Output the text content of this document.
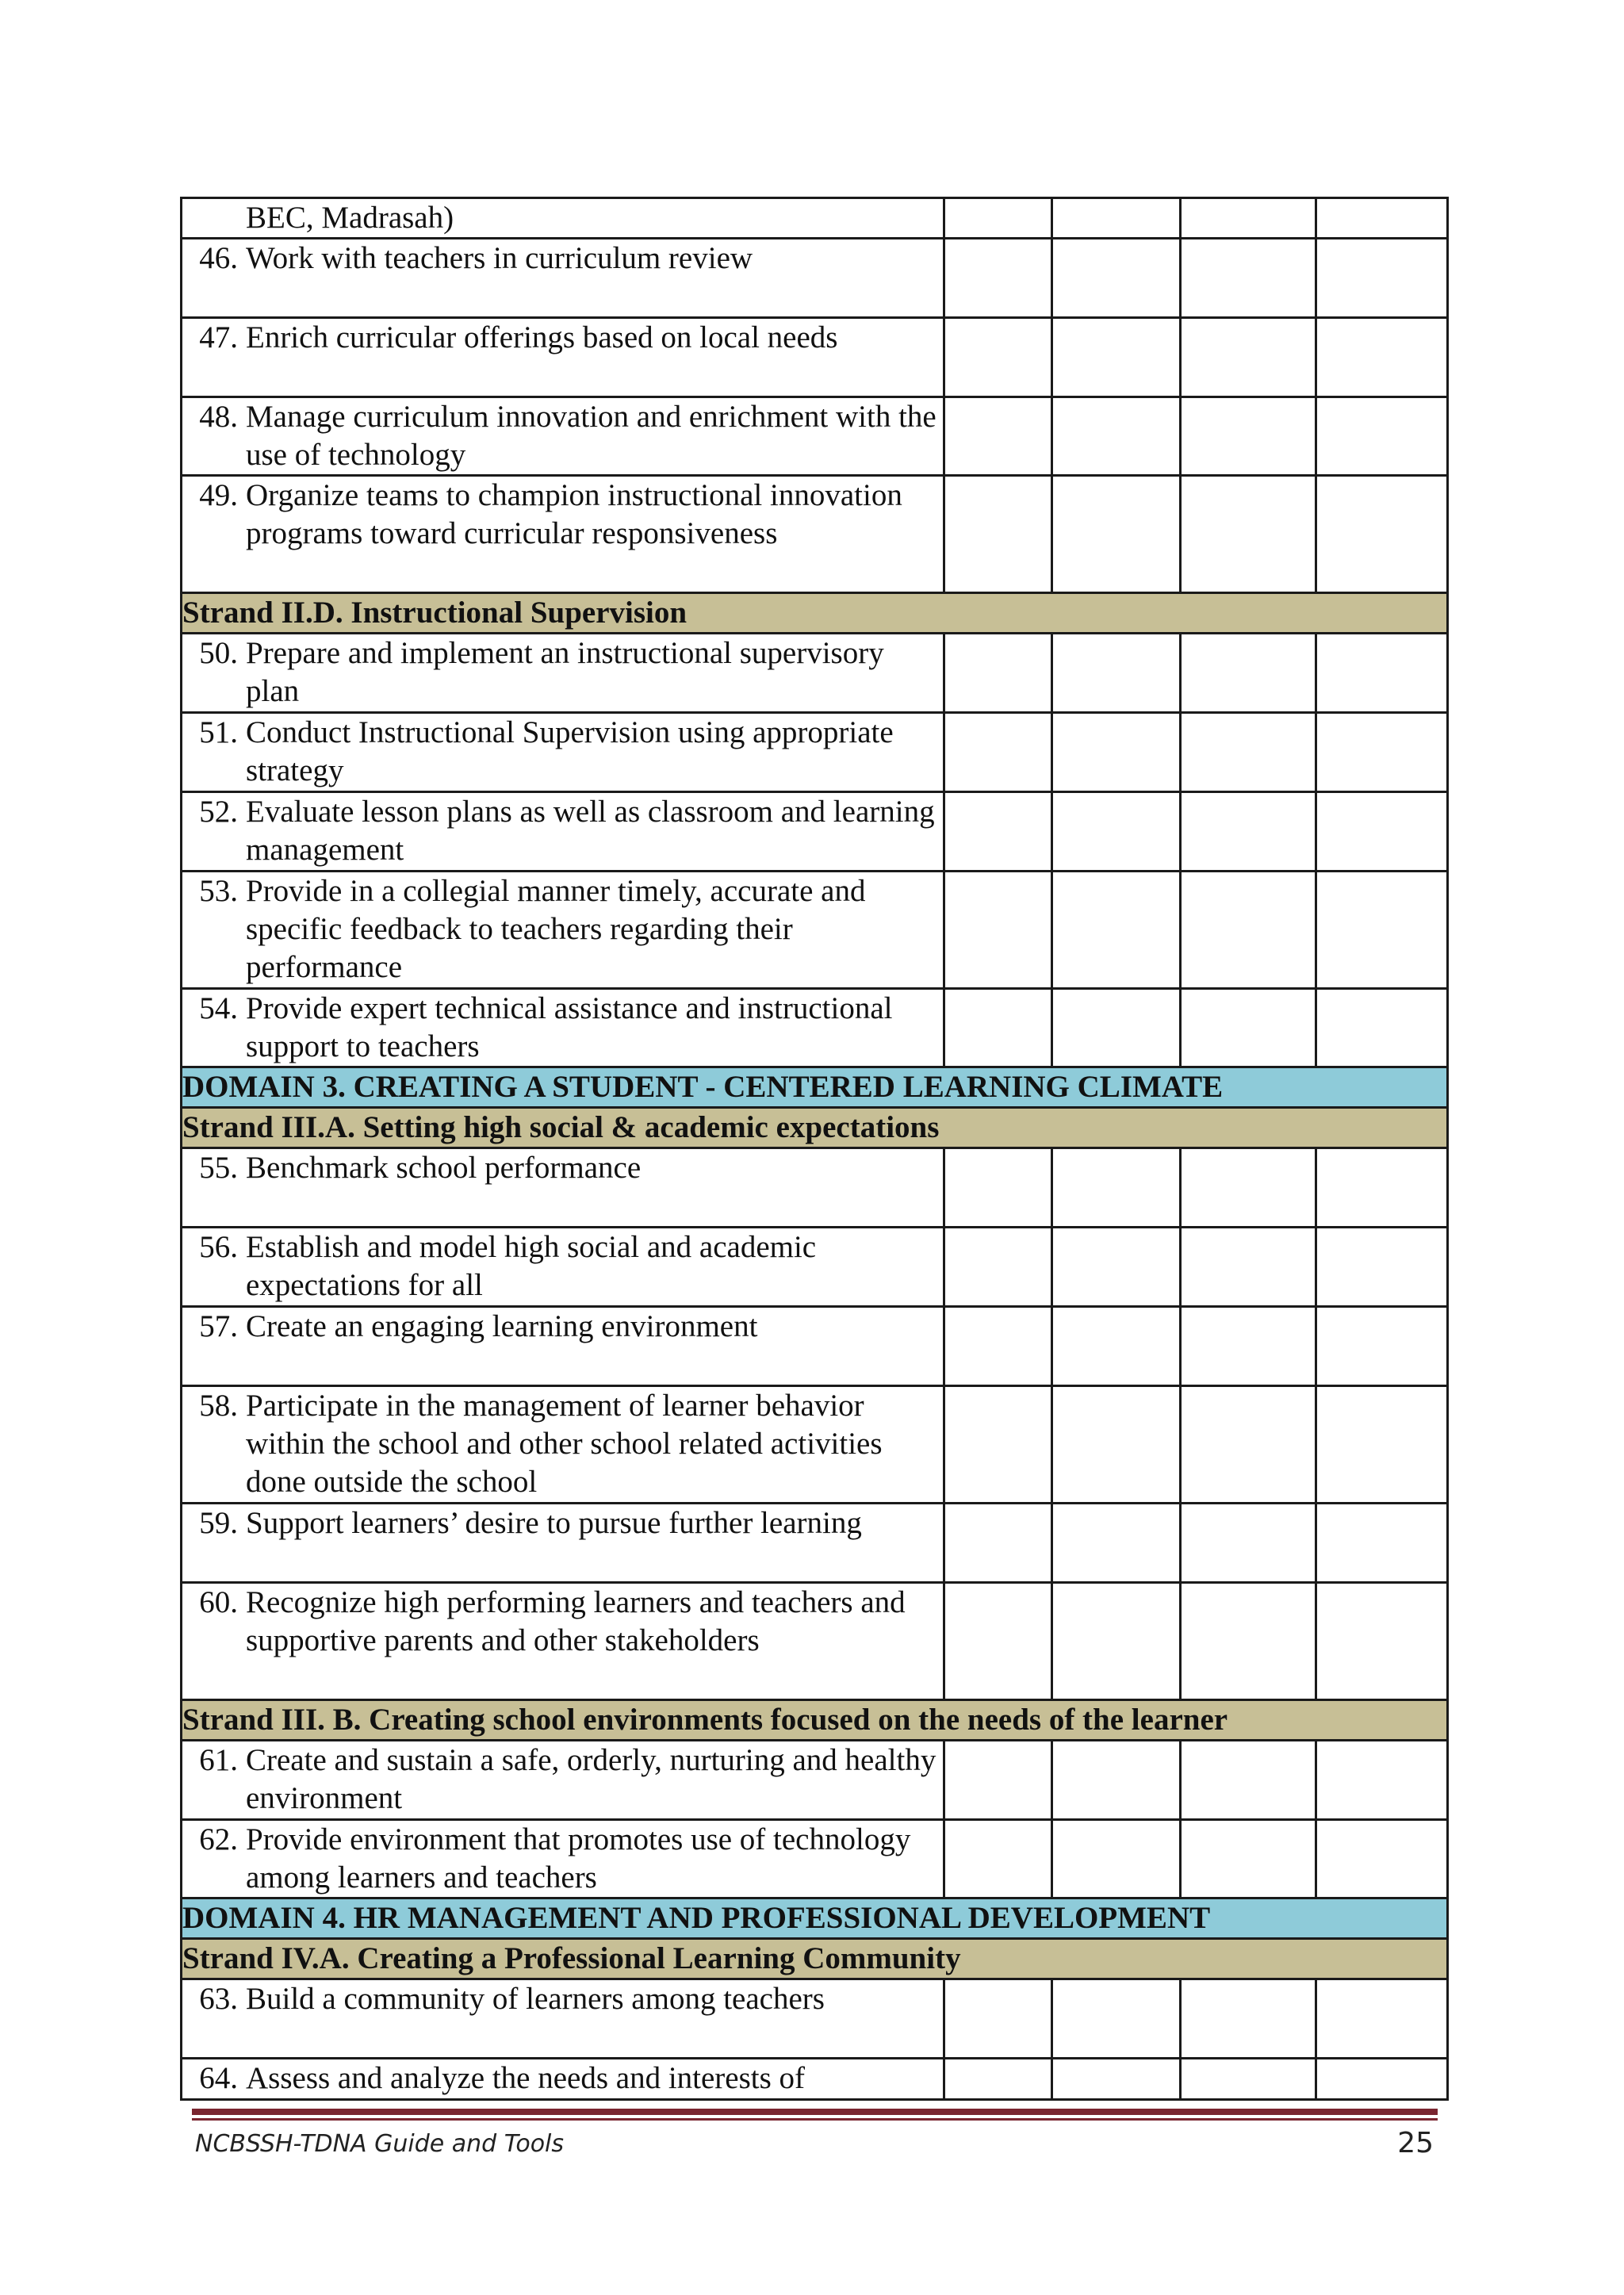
BEC, Madrasah)				
46. Work with teachers in curriculum review				
47. Enrich curricular offerings based on local needs				
48. Manage curriculum innovation and enrichment with the use of technology				
49. Organize teams to champion instructional innovation programs toward curricular responsiveness				
Strand II.D. Instructional Supervision				
50. Prepare and implement an instructional supervisory plan				
51. Conduct Instructional Supervision using appropriate strategy				
52. Evaluate lesson plans as well as classroom and learning management				
53. Provide in a collegial manner timely, accurate and specific feedback to teachers regarding their performance				
54. Provide expert technical assistance and instructional support to teachers				
DOMAIN 3. CREATING A STUDENT - CENTERED LEARNING CLIMATE				
Strand III.A. Setting high social & academic expectations				
55. Benchmark school performance				
56. Establish and model high social and academic expectations for all				
57. Create an engaging learning environment				
58. Participate in the management of learner behavior within the school and other school related activities done outside the school				
59. Support learners’ desire to pursue further learning				
60. Recognize high performing learners and teachers and supportive parents and other stakeholders				
Strand III. B. Creating school environments focused on the needs of the learner				
61. Create and sustain a safe, orderly, nurturing and healthy environment				
62. Provide environment that promotes use of technology among learners and teachers				
DOMAIN 4. HR MANAGEMENT AND PROFESSIONAL DEVELOPMENT				
Strand IV.A. Creating a Professional Learning Community				
63. Build a community of learners among teachers				
64. Assess and analyze the needs and interests of				
NCBSSH-TDNA Guide and Tools	25
